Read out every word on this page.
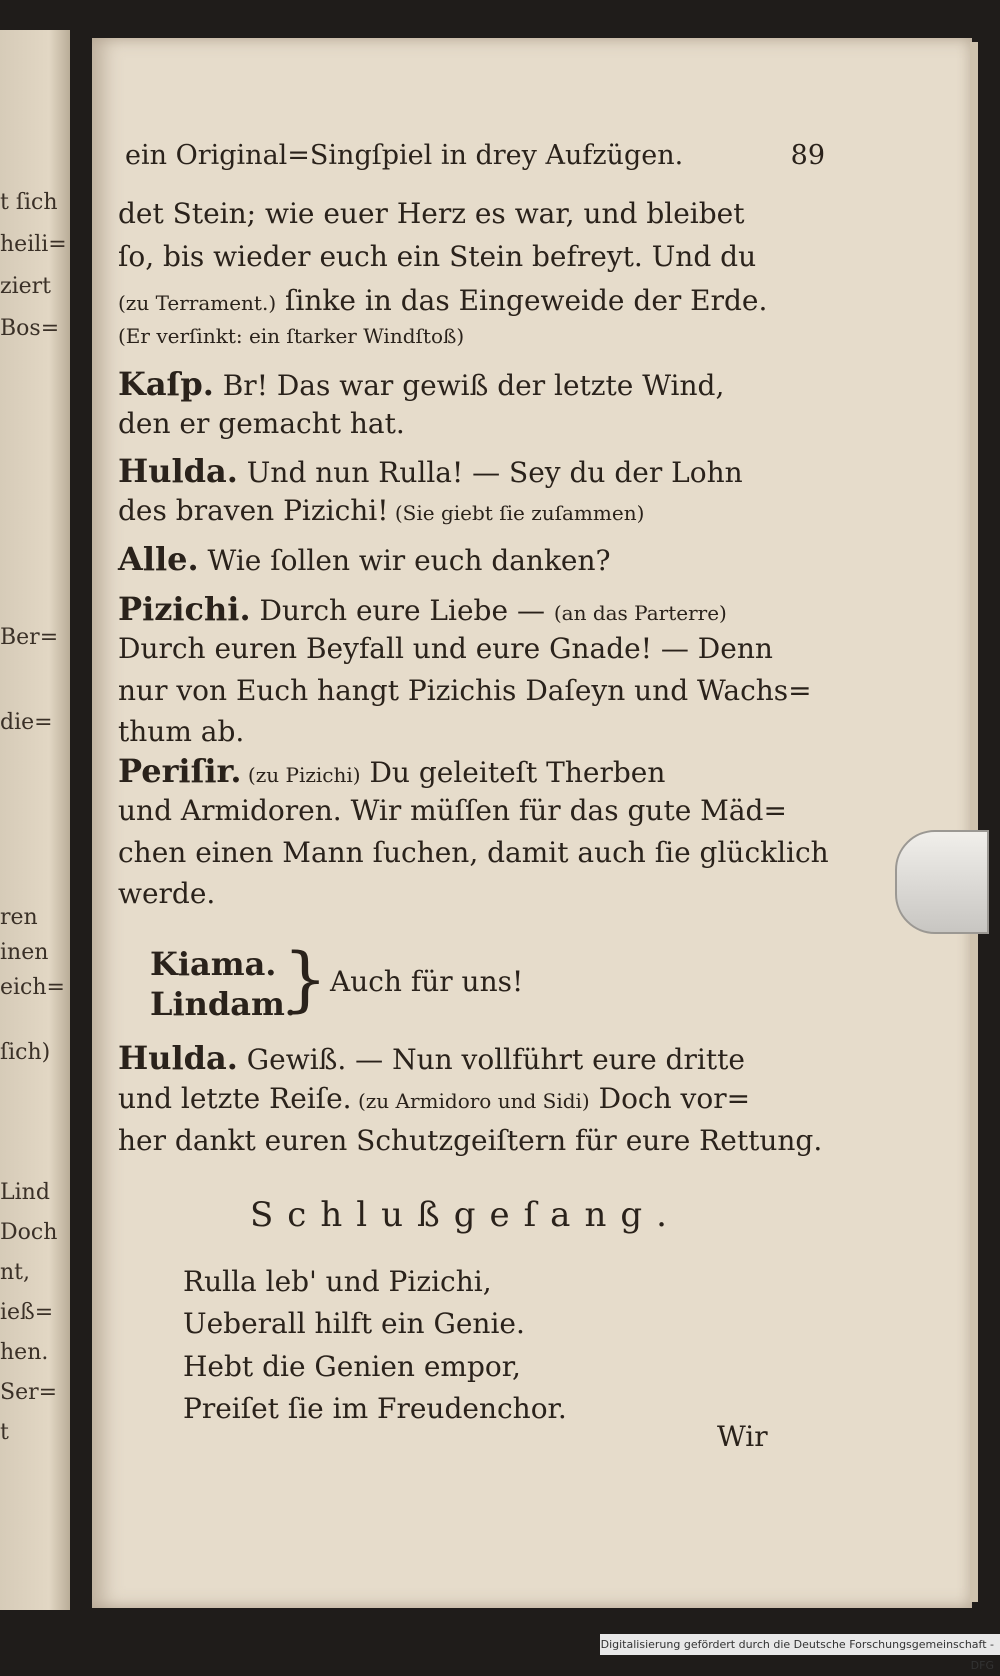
t ſich
heili=
ziert
Bos=
Ber=
die=
ren
inen
eich=
ſich)
Lind
Doch
nt,
ieß=
hen.
Ser=
t
ein Original=Singſpiel in drey Aufzügen.	89
det Stein; wie euer Herz es war, und bleibet
ſo, bis wieder euch ein Stein befreyt. Und du
(zu Terrament.) ſinke in das Eingeweide der Erde.
(Er verſinkt: ein ſtarker Windſtoß)
Kaſp. Br! Das war gewiß der letzte Wind,
den er gemacht hat.
Hulda. Und nun Rulla! — Sey du der Lohn
des braven Pizichi! (Sie giebt ſie zuſammen)
Alle. Wie ſollen wir euch danken?
Pizichi. Durch eure Liebe — (an das Parterre)
Durch euren Beyfall und eure Gnade! — Denn
nur von Euch hangt Pizichis Daſeyn und Wachs=
thum ab.
Periſir. (zu Pizichi) Du geleiteſt Therben
und Armidoren. Wir müſſen für das gute Mäd=
chen einen Mann ſuchen, damit auch ſie glücklich
werde.
Kiama.
Lindam.
} Auch für uns!
Hulda. Gewiß. — Nun vollführt eure dritte
und letzte Reiſe. (zu Armidoro und Sidi) Doch vor=
her dankt euren Schutzgeiſtern für eure Rettung.
Schlußgeſang.
Rulla leb' und Pizichi,
Ueberall hilft ein Genie.
Hebt die Genien empor,
Preiſet ſie im Freudenchor.
Wir
Digitalisierung gefördert durch die Deutsche Forschungsgemeinschaft - DFG
